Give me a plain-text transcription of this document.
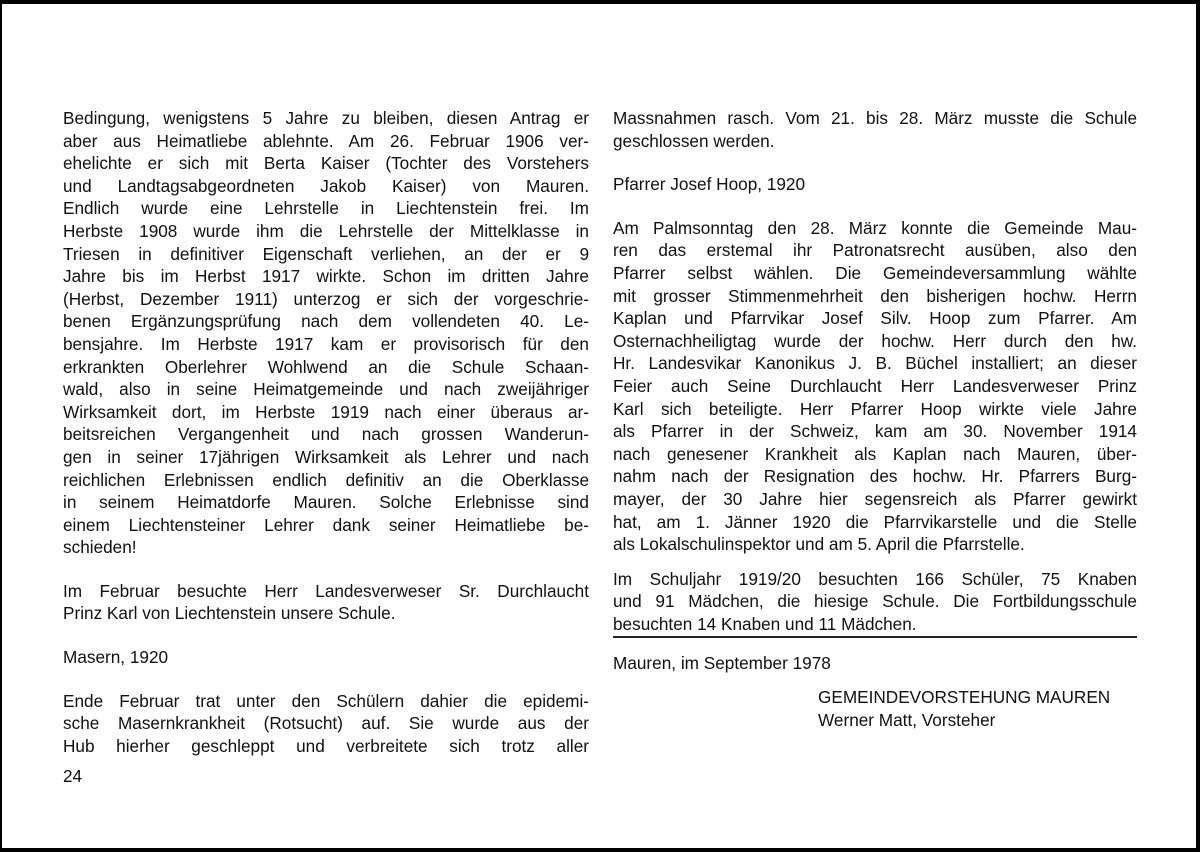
Bedingung, wenigstens 5 Jahre zu bleiben, diesen Antrag er

aber aus Heimatliebe ablehnte. Am 26. Februar 1906 ver-

ehelichte er sich mit Berta Kaiser (Tochter des Vorstehers

und Landtagsabgeordneten Jakob Kaiser) von Mauren.

Endlich wurde eine Lehrstelle in Liechtenstein frei. Im

Herbste 1908 wurde ihm die Lehrstelle der Mittelklasse in

Triesen in definitiver Eigenschaft verliehen, an der er 9

Jahre bis im Herbst 1917 wirkte. Schon im dritten Jahre

(Herbst, Dezember 1911) unterzog er sich der vorgeschrie-

benen Ergänzungsprüfung nach dem vollendeten 40. Le-

bensjahre. Im Herbste 1917 kam er provisorisch für den

erkrankten Oberlehrer Wohlwend an die Schule Schaan-

wald, also in seine Heimatgemeinde und nach zweijähriger

Wirksamkeit dort, im Herbste 1919 nach einer überaus ar-

beitsreichen Vergangenheit und nach grossen Wanderun-

gen in seiner 17jährigen Wirksamkeit als Lehrer und nach

reichlichen Erlebnissen endlich definitiv an die Oberklasse

in seinem Heimatdorfe Mauren. Solche Erlebnisse sind

einem Liechtensteiner Lehrer dank seiner Heimatliebe be-

schieden!

Im Februar besuchte Herr Landesverweser Sr. Durchlaucht

Prinz Karl von Liechtenstein unsere Schule.

Masern, 1920

Ende Februar trat unter den Schülern dahier die epidemi-

sche Masernkrankheit (Rotsucht) auf. Sie wurde aus der

Hub hierher geschleppt und verbreitete sich trotz aller

Massnahmen rasch. Vom 21. bis 28. März musste die Schule

geschlossen werden.

Pfarrer Josef Hoop, 1920

Am Palmsonntag den 28. März konnte die Gemeinde Mau-

ren das erstemal ihr Patronatsrecht ausüben, also den

Pfarrer selbst wählen. Die Gemeindeversammlung wählte

mit grosser Stimmenmehrheit den bisherigen hochw. Herrn

Kaplan und Pfarrvikar Josef Silv. Hoop zum Pfarrer. Am

Osternachheiligtag wurde der hochw. Herr durch den hw.

Hr. Landesvikar Kanonikus J. B. Büchel installiert; an dieser

Feier auch Seine Durchlaucht Herr Landesverweser Prinz

Karl sich beteiligte. Herr Pfarrer Hoop wirkte viele Jahre

als Pfarrer in der Schweiz, kam am 30. November 1914

nach genesener Krankheit als Kaplan nach Mauren, über-

nahm nach der Resignation des hochw. Hr. Pfarrers Burg-

mayer, der 30 Jahre hier segensreich als Pfarrer gewirkt

hat, am 1. Jänner 1920 die Pfarrvikarstelle und die Stelle

als Lokalschulinspektor und am 5. April die Pfarrstelle.

Im Schuljahr 1919/20 besuchten 166 Schüler, 75 Knaben

und 91 Mädchen, die hiesige Schule. Die Fortbildungsschule

besuchten 14 Knaben und 11 Mädchen.

Mauren, im September 1978
GEMEINDEVORSTEHUNG MAUREN
Werner Matt, Vorsteher
24
